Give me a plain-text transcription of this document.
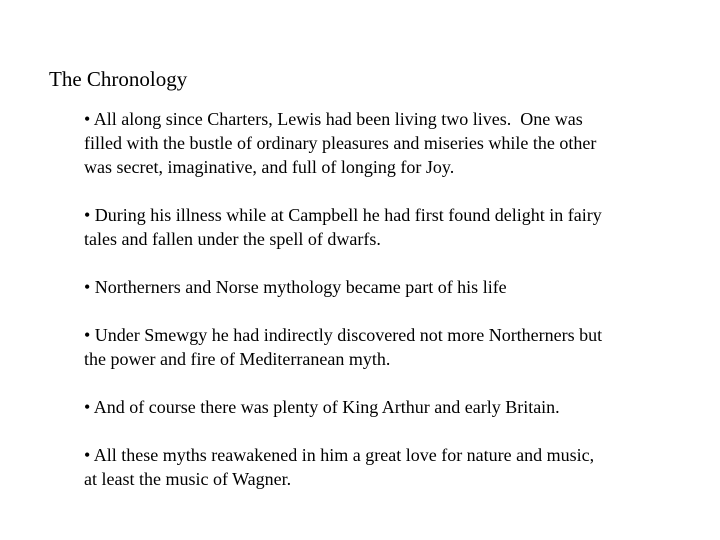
The Chronology
• All along since Charters, Lewis had been living two lives.  One was
filled with the bustle of ordinary pleasures and miseries while the other
was secret, imaginative, and full of longing for Joy.
• During his illness while at Campbell he had first found delight in fairy
tales and fallen under the spell of dwarfs.
• Northerners and Norse mythology became part of his life
• Under Smewgy he had indirectly discovered not more Northerners but
the power and fire of Mediterranean myth.
• And of course there was plenty of King Arthur and early Britain.
• All these myths reawakened in him a great love for nature and music,
at least the music of Wagner.
